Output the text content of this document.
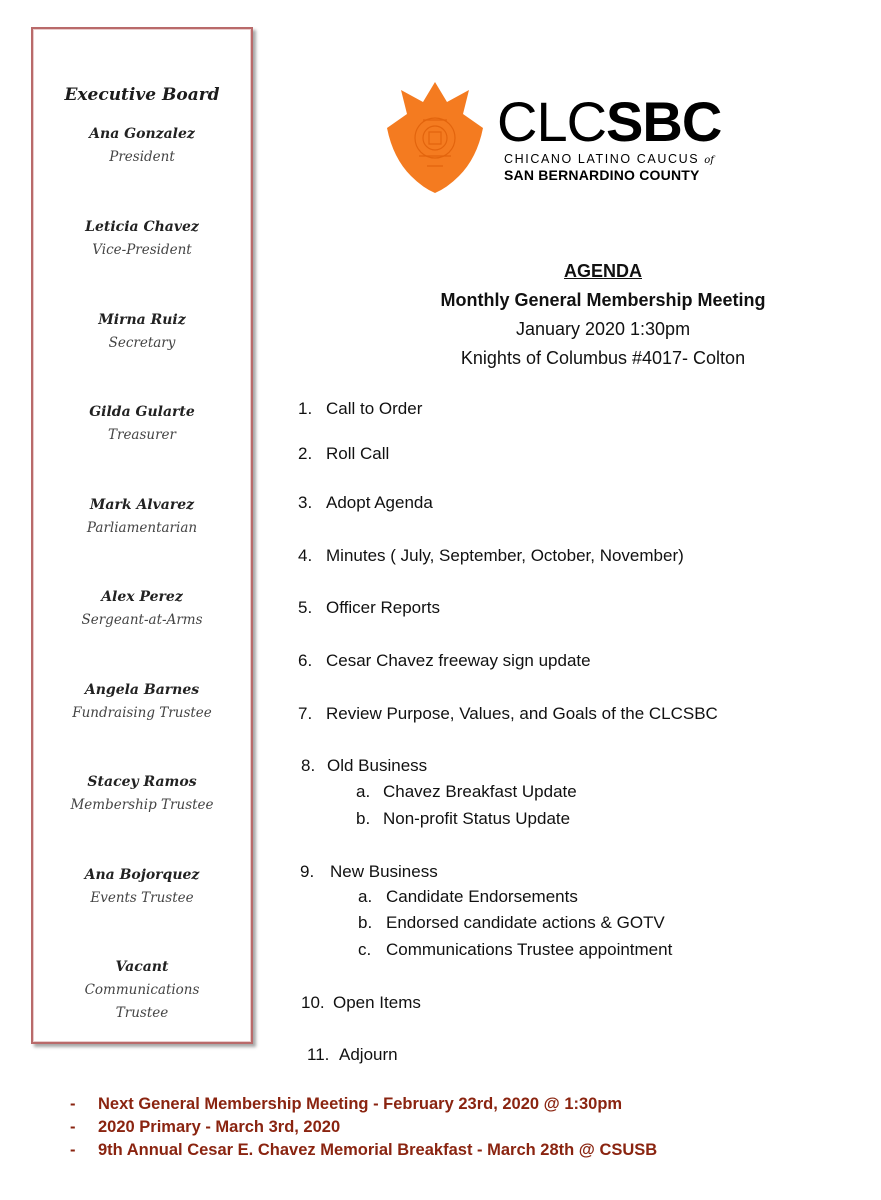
Executive Board
Ana Gonzalez
President
Leticia Chavez
Vice-President
Mirna Ruiz
Secretary
Gilda Gularte
Treasurer
Mark Alvarez
Parliamentarian
Alex Perez
Sergeant-at-Arms
Angela Barnes
Fundraising Trustee
Stacey Ramos
Membership Trustee
Ana Bojorquez
Events Trustee
Vacant
Communications
Trustee
CLCSBC
CHICANO LATINO CAUCUS of
SAN BERNARDINO COUNTY
AGENDA
Monthly General Membership Meeting
January 2020 1:30pm
Knights of Columbus #4017- Colton
1. Call to Order
2. Roll Call
3. Adopt Agenda
4. Minutes ( July, September, October, November)
5. Officer Reports
6. Cesar Chavez freeway sign update
7. Review Purpose, Values, and Goals of the CLCSBC
8. Old Business
a. Chavez Breakfast Update
b. Non-profit Status Update
9. New Business
a. Candidate Endorsements
b. Endorsed candidate actions & GOTV
c. Communications Trustee appointment
10. Open Items
11. Adjourn
- Next General Membership Meeting - February 23rd, 2020 @ 1:30pm
- 2020 Primary - March 3rd, 2020
- 9th Annual Cesar E. Chavez Memorial Breakfast - March 28th @ CSUSB
